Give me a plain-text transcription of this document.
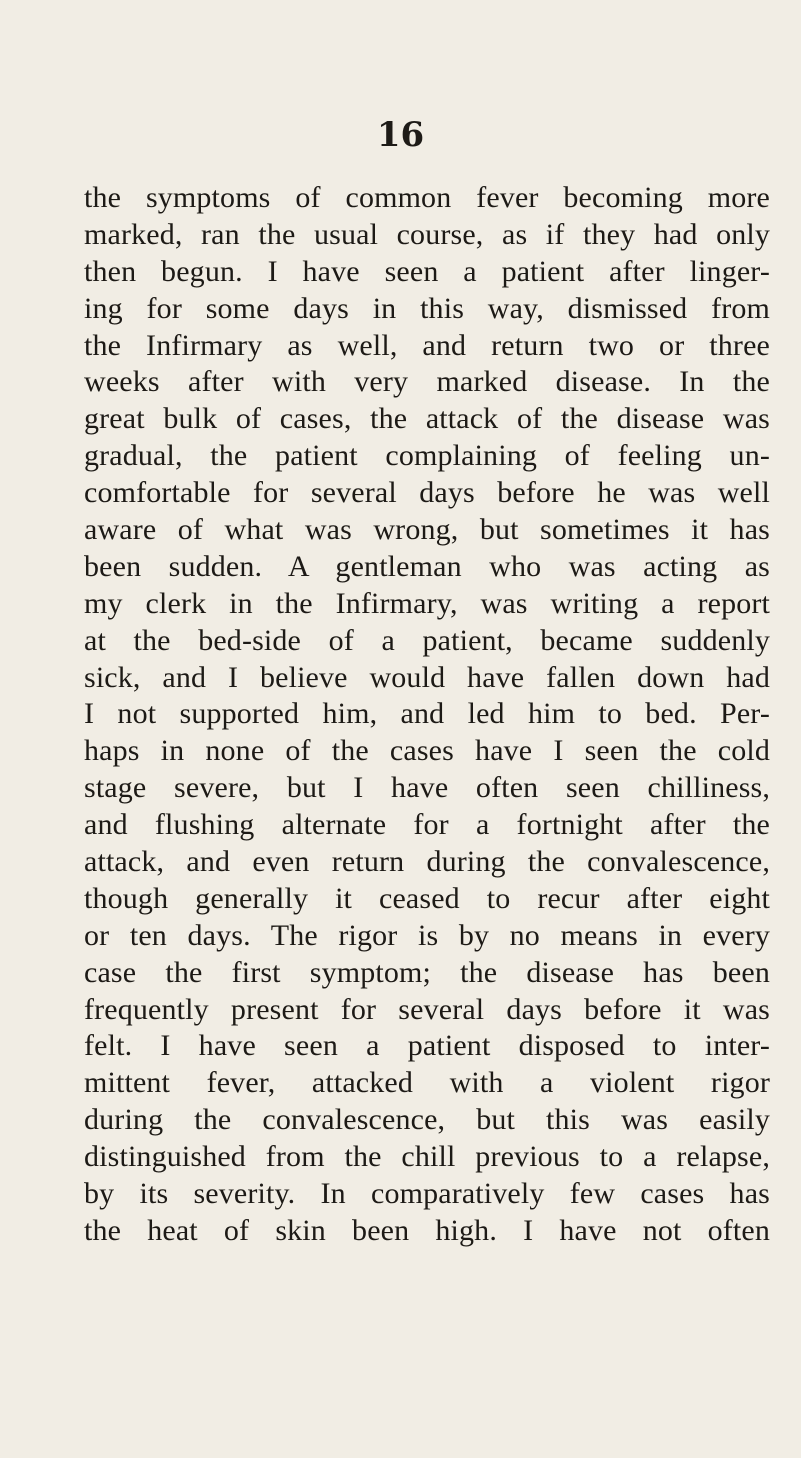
16
the symptoms of common fever becoming more
marked, ran the usual course, as if they had only
then begun. I have seen a patient after linger-
ing for some days in this way, dismissed from
the Infirmary as well, and return two or three
weeks after with very marked disease. In the
great bulk of cases, the attack of the disease was
gradual, the patient complaining of feeling un-
comfortable for several days before he was well
aware of what was wrong, but sometimes it has
been sudden. A gentleman who was acting as
my clerk in the Infirmary, was writing a report
at the bed-side of a patient, became suddenly
sick, and I believe would have fallen down had
I not supported him, and led him to bed. Per-
haps in none of the cases have I seen the cold
stage severe, but I have often seen chilliness,
and flushing alternate for a fortnight after the
attack, and even return during the convalescence,
though generally it ceased to recur after eight
or ten days. The rigor is by no means in every
case the first symptom; the disease has been
frequently present for several days before it was
felt. I have seen a patient disposed to inter-
mittent fever, attacked with a violent rigor
during the convalescence, but this was easily
distinguished from the chill previous to a relapse,
by its severity. In comparatively few cases has
the heat of skin been high. I have not often
